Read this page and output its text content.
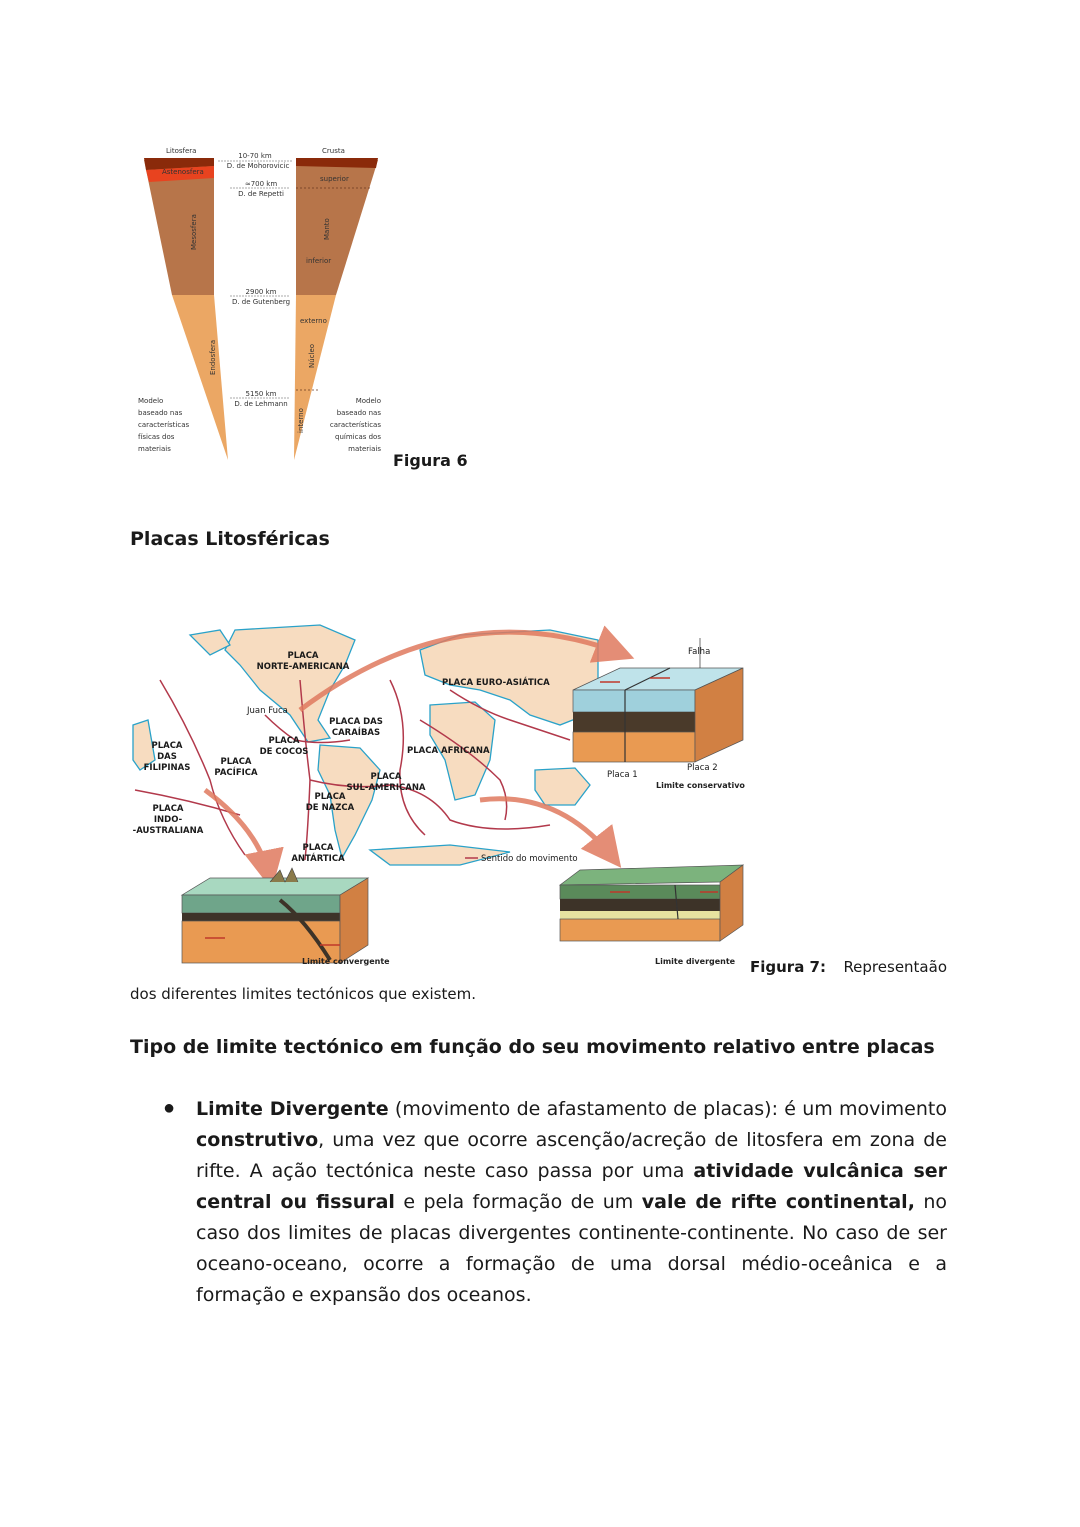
Litosfera
Astenosfera
Mesosfera
Endosfera
Modelo
baseado nas
características
físicas dos
materiais
Crusta
superior
Manto
inferior
externo
Núcleo
interno
Modelo
baseado nas
características
químicas dos
materiais
10-70 km
D. de Mohorovicic
≈700 km
D. de Repetti
2900 km
D. de Gutenberg
5150 km
D. de Lehmann
Figura 6
Placas Litosféricas
PLACA
NORTE-AMERICANA
Juan Fuca
PLACA DAS
CARAÍBAS
PLACA
DE COCOS
PLACA
DAS
FILIPINAS
PLACA
PACÍFICA
PLACA EURO-ASIÁTICA
PLACA AFRICANA
PLACA
SUL-AMERICANA
PLACA
DE NAZCA
PLACA
INDO-
-AUSTRALIANA
PLACA
ANTÁRTICA	Sentido do movimento
Falha
Placa 1
Placa 2
Limite conservativo
Limite convergente	Limite divergente Figura 7: Representaão
dos diferentes limites tectónicos que existem.
Tipo de limite tectónico em função do seu movimento relativo entre placas
● Limite Divergente (movimento de afastamento de placas): é um movimento construtivo, uma vez que ocorre ascenção/acreção de litosfera em zona de rifte. A ação tectónica neste caso passa por uma atividade vulcânica ser central ou fissural e pela formação de um vale de rifte continental, no caso dos limites de placas divergentes continente-continente. No caso de ser oceano-oceano, ocorre a formação de uma dorsal médio-oceânica e a formação e expansão dos oceanos.
